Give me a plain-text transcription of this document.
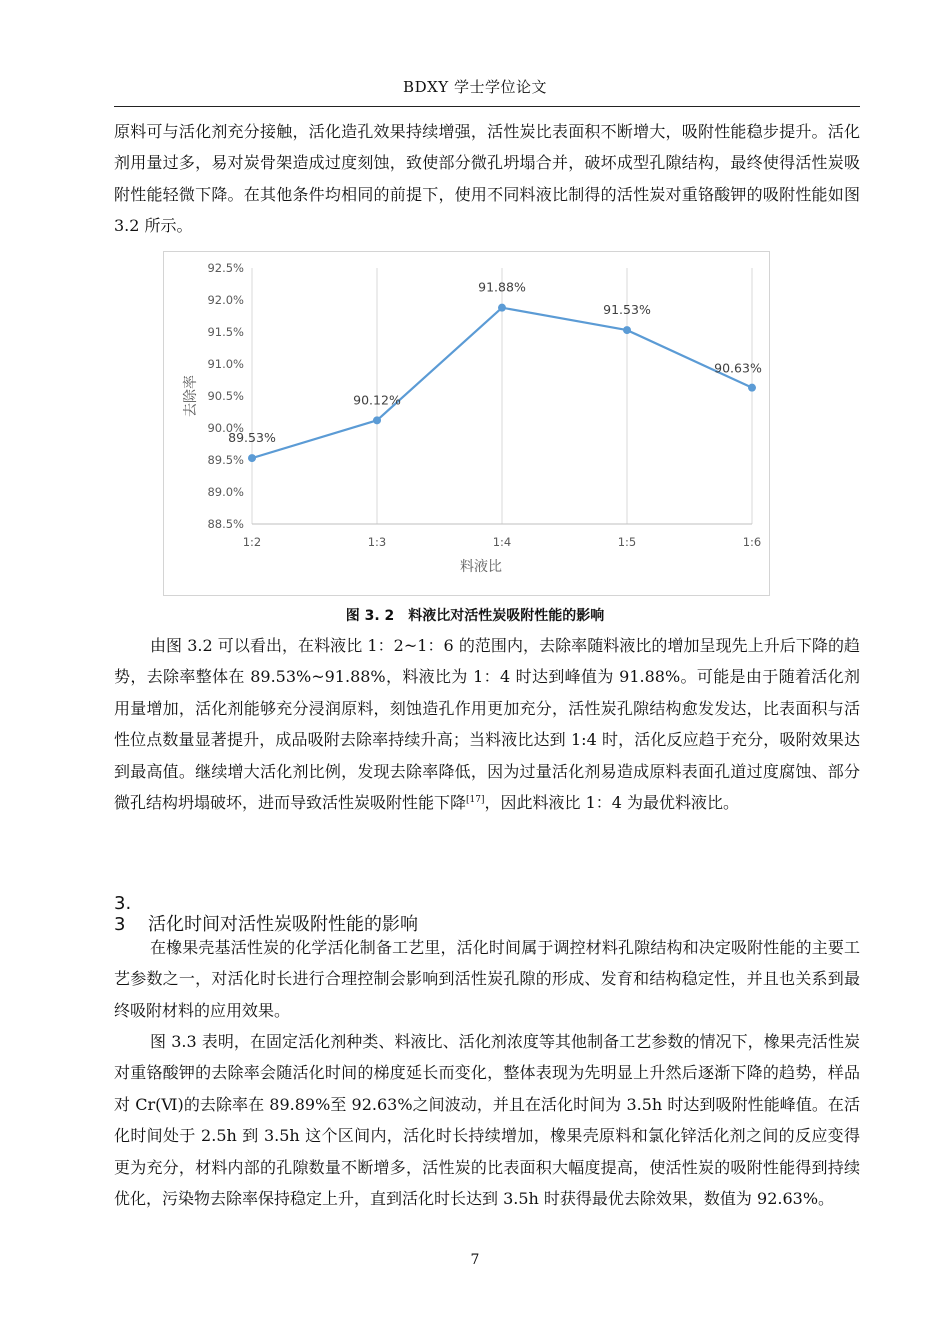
BDXY 学士学位论文

原料可与活化剂充分接触，活化造孔效果持续增强，活性炭比表面积不断增大，吸附性能稳步提升。活化剂用量过多，易对炭骨架造成过度刻蚀，致使部分微孔坍塌合并，破坏成型孔隙结构，最终使得活性炭吸附性能轻微下降。在其他条件均相同的前提下，使用不同料液比制得的活性炭对重铬酸钾的吸附性能如图 3.2 所示。

88.5%
89.0%
89.5%
90.0%
90.5%
91.0%
91.5%
92.0%
92.5%
1:2	1:3	1:4	1:5	1:6
料液比
去除率
89.53%
90.12%
91.88%
91.53%
90.63%
图 3. 2　料液比对活性炭吸附性能的影响

由图 3.2 可以看出，在料液比 1：2~1：6 的范围内，去除率随料液比的增加呈现先上升后下降的趋势，去除率整体在 89.53%~91.88%，料液比为 1：4 时达到峰值为 91.88%。可能是由于随着活化剂用量增加，活化剂能够充分浸润原料，刻蚀造孔作用更加充分，活性炭孔隙结构愈发发达，比表面积与活性位点数量显著提升，成品吸附去除率持续升高；当料液比达到 1:4 时，活化反应趋于充分，吸附效果达到最高值。继续增大活化剂比例，发现去除率降低，因为过量活化剂易造成原料表面孔道过度腐蚀、部分微孔结构坍塌破坏，进而导致活性炭吸附性能下降[17]，因此料液比 1：4 为最优料液比。

3. 3 活化时间对活性炭吸附性能的影响

在橡果壳基活性炭的化学活化制备工艺里，活化时间属于调控材料孔隙结构和决定吸附性能的主要工艺参数之一，对活化时长进行合理控制会影响到活性炭孔隙的形成、发育和结构稳定性，并且也关系到最终吸附材料的应用效果。

图 3.3 表明，在固定活化剂种类、料液比、活化剂浓度等其他制备工艺参数的情况下，橡果壳活性炭对重铬酸钾的去除率会随活化时间的梯度延长而变化，整体表现为先明显上升然后逐渐下降的趋势，样品对 Cr(Ⅵ)的去除率在 89.89%至 92.63%之间波动，并且在活化时间为 3.5h 时达到吸附性能峰值。在活化时间处于 2.5h 到 3.5h 这个区间内，活化时长持续增加，橡果壳原料和氯化锌活化剂之间的反应变得更为充分，材料内部的孔隙数量不断增多，活性炭的比表面积大幅度提高，使活性炭的吸附性能得到持续优化，污染物去除率保持稳定上升，直到活化时长达到 3.5h 时获得最优去除效果，数值为 92.63%。

7
